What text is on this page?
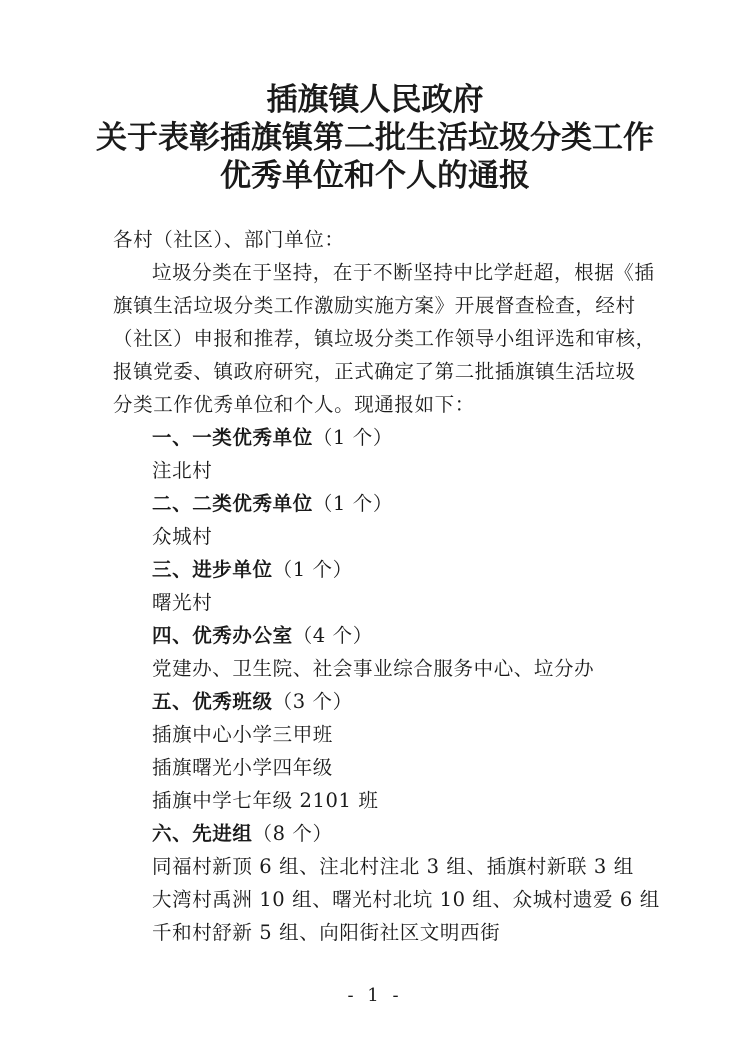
插旗镇人民政府
关于表彰插旗镇第二批生活垃圾分类工作
优秀单位和个人的通报
各村（社区）、部门单位：
垃圾分类在于坚持，在于不断坚持中比学赶超，根据《插
旗镇生活垃圾分类工作激励实施方案》开展督查检查，经村
（社区）申报和推荐，镇垃圾分类工作领导小组评选和审核，
报镇党委、镇政府研究，正式确定了第二批插旗镇生活垃圾
分类工作优秀单位和个人。现通报如下：
一、一类优秀单位（1 个）
注北村
二、二类优秀单位（1 个）
众城村
三、进步单位（1 个）
曙光村
四、优秀办公室（4 个）
党建办、卫生院、社会事业综合服务中心、垃分办
五、优秀班级（3 个）
插旗中心小学三甲班
插旗曙光小学四年级
插旗中学七年级 2101 班
六、先进组（8 个）
同福村新顶 6 组、注北村注北 3 组、插旗村新联 3 组
大湾村禹洲 10 组、曙光村北坑 10 组、众城村遗爱 6 组
千和村舒新 5 组、向阳街社区文明西街
- 1 -
